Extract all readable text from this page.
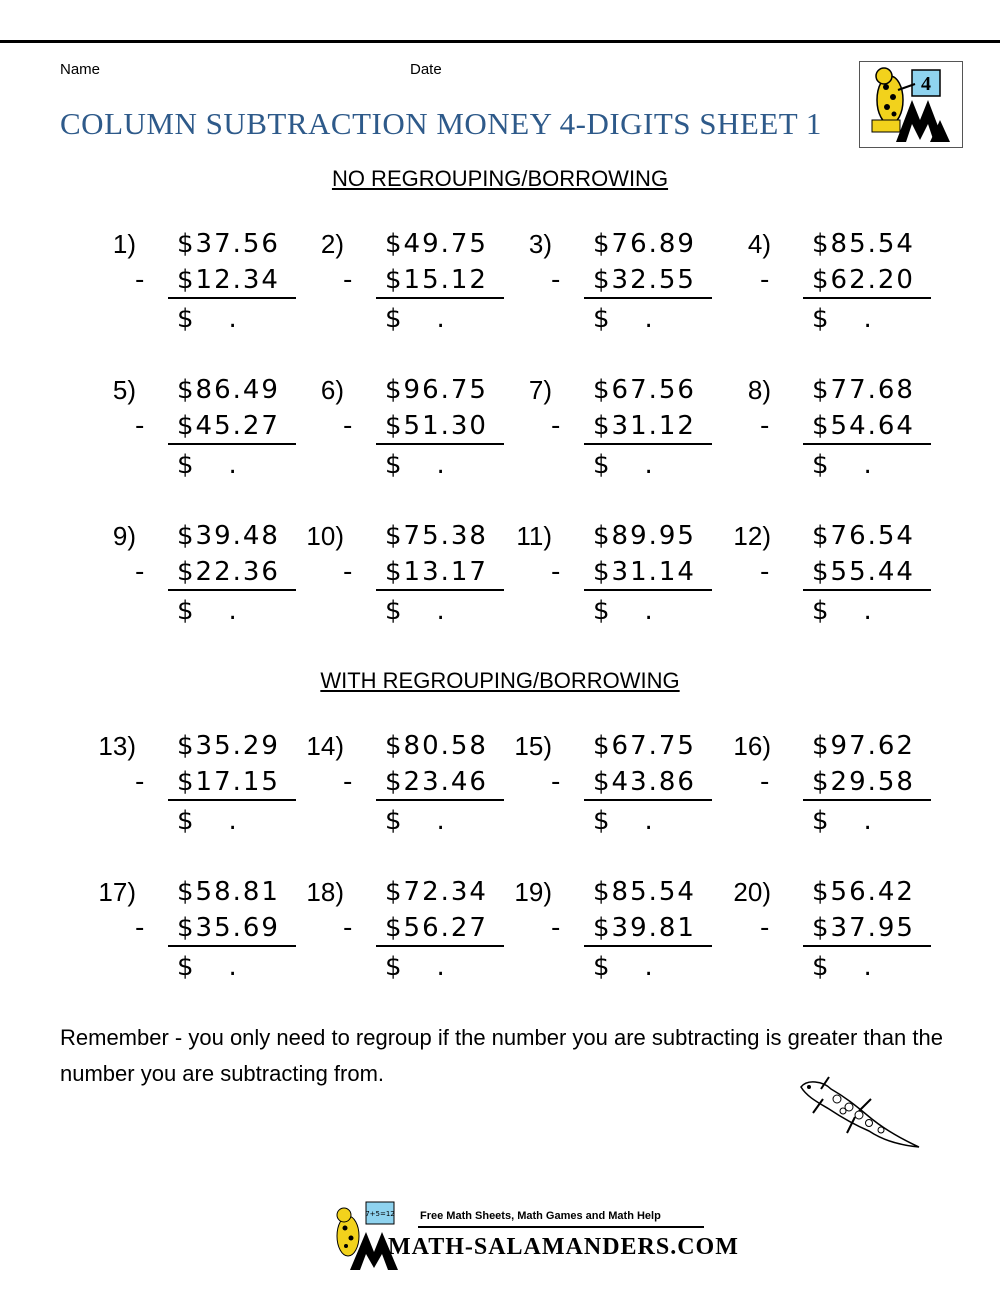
Name	Date
COLUMN SUBTRACTION MONEY 4-DIGITS SHEET 1
4
NO REGROUPING/BORROWING
WITH REGROUPING/BORROWING
1) $37.56
- $12.34
$ .
2) $49.75
- $15.12
$ .
3) $76.89
- $32.55
$ .
4) $85.54
- $62.20
$ .
5) $86.49
- $45.27
$ .
6) $96.75
- $51.30
$ .
7) $67.56
- $31.12
$ .
8) $77.68
- $54.64
$ .
9) $39.48
- $22.36
$ .
10) $75.38
- $13.17
$ .
11) $89.95
- $31.14
$ .
12) $76.54
- $55.44
$ .
13) $35.29
- $17.15
$ .
14) $80.58
- $23.46
$ .
15) $67.75
- $43.86
$ .
16) $97.62
- $29.58
$ .
17) $58.81
- $35.69
$ .
18) $72.34
- $56.27
$ .
19) $85.54
- $39.81
$ .
20) $56.42
- $37.95
$ .
Remember - you only need to regroup if the number you are subtracting is greater than the number you are subtracting from.
7+5=12 Free Math Sheets, Math Games and Math Help
MATH-SALAMANDERS.COM
